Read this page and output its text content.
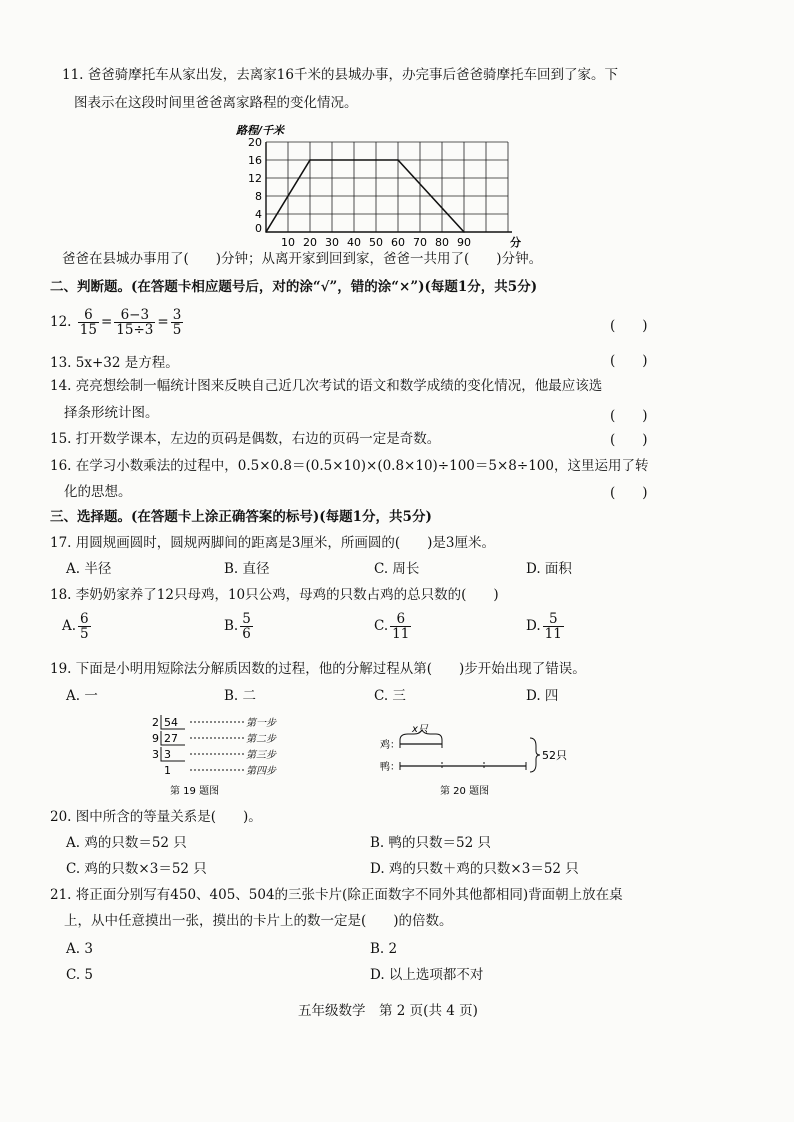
11. 爸爸骑摩托车从家出发，去离家16千米的县城办事，办完事后爸爸骑摩托车回到了家。下
图表示在这段时间里爸爸离家路程的变化情况。
路程/千米
4
8
12
16
20
0
10 20 30 40 50 60 70 80 90	分
爸爸在县城办事用了(　　)分钟；从离开家到回到家，爸爸一共用了(　　)分钟。
二、判断题。(在答题卡相应题号后，对的涂“√”，错的涂“×”)(每题1分，共5分)
12. $\frac{6}{15} = \frac{6-3}{15\div 3} = \frac{3}{5}$	(　　)
13. 5x+32 是方程。	(　　)
14. 亮亮想绘制一幅统计图来反映自己近几次考试的语文和数学成绩的变化情况，他最应该选
择条形统计图。	(　　)
15. 打开数学课本，左边的页码是偶数，右边的页码一定是奇数。	(　　)
16. 在学习小数乘法的过程中，0.5×0.8＝(0.5×10)×(0.8×10)÷100＝5×8÷100，这里运用了转
化的思想。	(　　)
三、选择题。(在答题卡上涂正确答案的标号)(每题1分，共5分)
17. 用圆规画圆时，圆规两脚间的距离是3厘米，所画圆的(　　)是3厘米。
A. 半径	B. 直径	C. 周长	D. 面积
18. 李奶奶家养了12只母鸡，10只公鸡，母鸡的只数占鸡的总只数的(　　)
A. $\frac{6}{5}$	B. $\frac{5}{6}$	C. $\frac{6}{11}$	D. $\frac{5}{11}$
19. 下面是小明用短除法分解质因数的过程，他的分解过程从第(　　)步开始出现了错误。
A. 一	B. 二	C. 三	D. 四
2 54	第一步
9 27	第二步
3 3	第三步
1	第四步
第 19 题图
x只
鸡：
鸭：
52只
第 20 题图
20. 图中所含的等量关系是(　　)。
A. 鸡的只数＝52 只	B. 鸭的只数＝52 只
C. 鸡的只数×3＝52 只	D. 鸡的只数＋鸡的只数×3＝52 只
21. 将正面分别写有450、405、504的三张卡片(除正面数字不同外其他都相同)背面朝上放在桌
上，从中任意摸出一张，摸出的卡片上的数一定是(　　)的倍数。
A. 3	B. 2
C. 5	D. 以上选项都不对
五年级数学　第 2 页(共 4 页)
